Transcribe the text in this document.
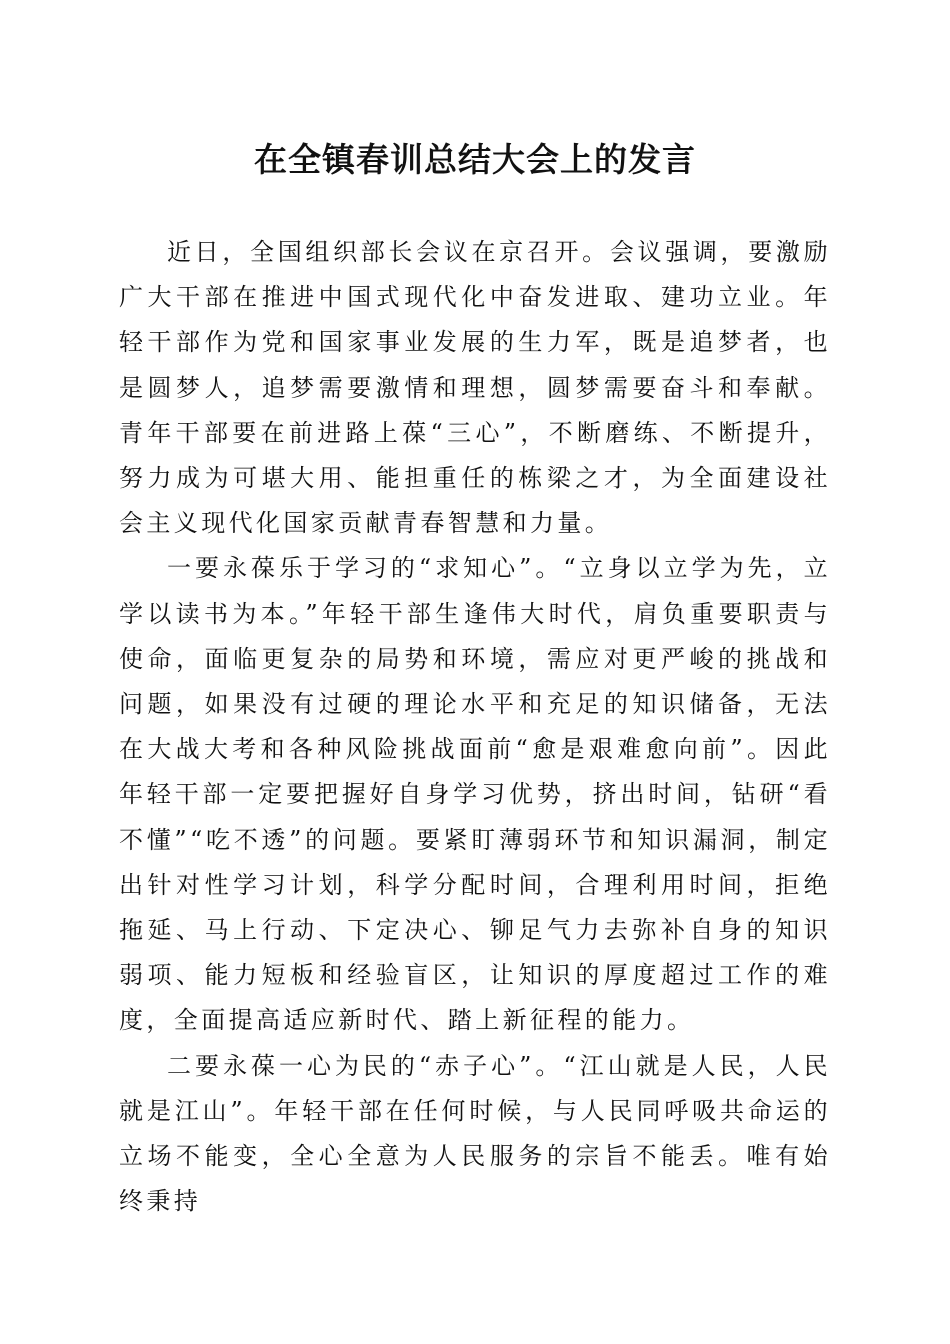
在全镇春训总结大会上的发言

近日，全国组织部长会议在京召开。会议强调，要激励广大干部在推进中国式现代化中奋发进取、建功立业。年轻干部作为党和国家事业发展的生力军，既是追梦者，也是圆梦人，追梦需要激情和理想，圆梦需要奋斗和奉献。青年干部要在前进路上葆“三心”，不断磨练、不断提升，努力成为可堪大用、能担重任的栋梁之才，为全面建设社会主义现代化国家贡献青春智慧和力量。

一要永葆乐于学习的“求知心”。“立身以立学为先，立学以读书为本。”年轻干部生逢伟大时代，肩负重要职责与使命，面临更复杂的局势和环境，需应对更严峻的挑战和问题，如果没有过硬的理论水平和充足的知识储备，无法在大战大考和各种风险挑战面前“愈是艰难愈向前”。因此年轻干部一定要把握好自身学习优势，挤出时间，钻研“看不懂”“吃不透”的问题。要紧盯薄弱环节和知识漏洞，制定出针对性学习计划，科学分配时间，合理利用时间，拒绝拖延、马上行动、下定决心、铆足气力去弥补自身的知识弱项、能力短板和经验盲区，让知识的厚度超过工作的难度，全面提高适应新时代、踏上新征程的能力。

二要永葆一心为民的“赤子心”。“江山就是人民，人民就是江山”。年轻干部在任何时候，与人民同呼吸共命运的立场不能变，全心全意为人民服务的宗旨不能丢。唯有始终秉持
